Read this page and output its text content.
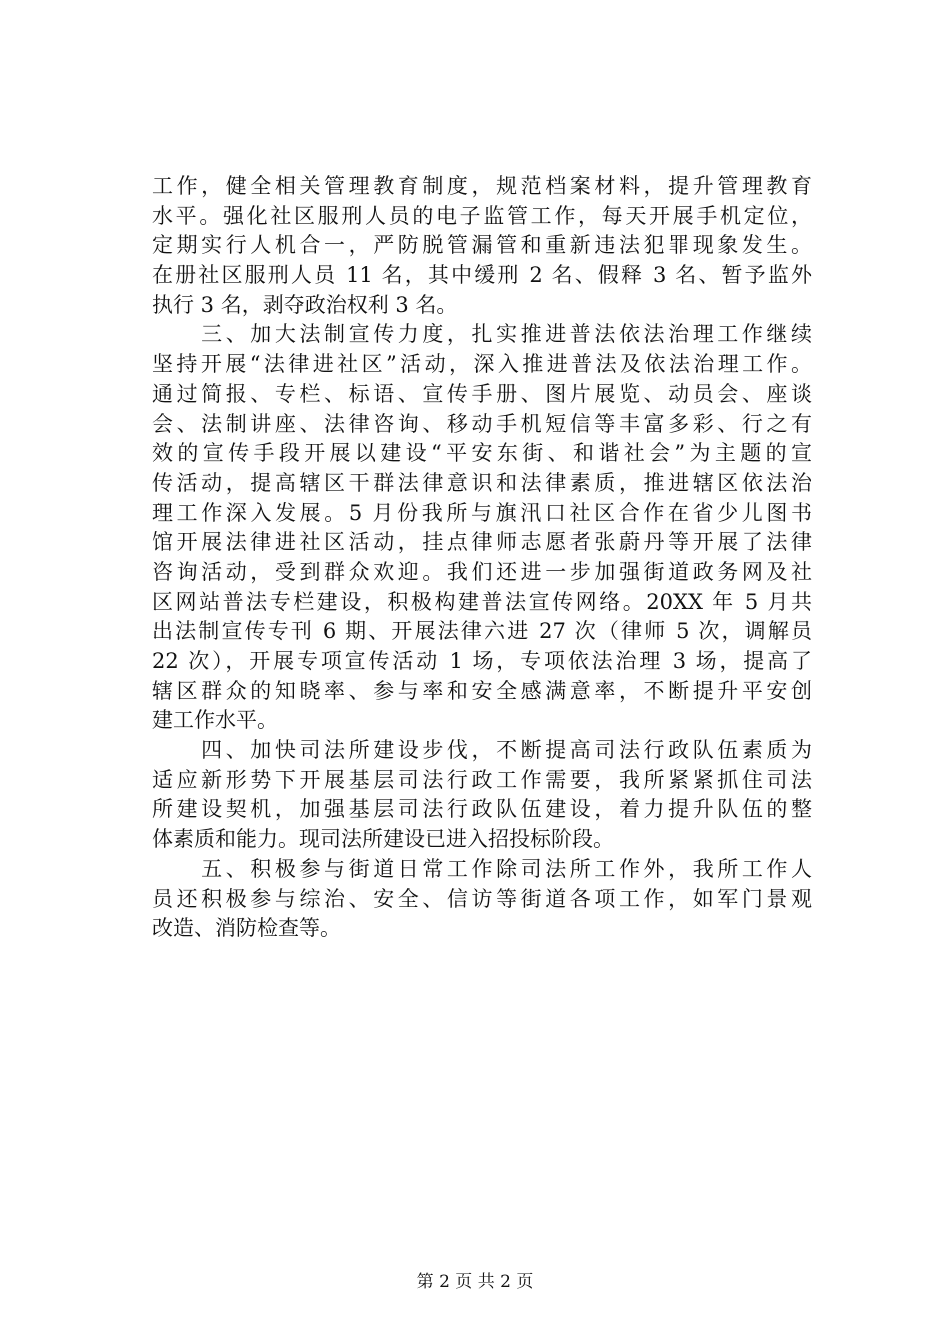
工作，健全相关管理教育制度，规范档案材料，提升管理教育
水平。强化社区服刑人员的电子监管工作，每天开展手机定位，
定期实行人机合一，严防脱管漏管和重新违法犯罪现象发生。
在册社区服刑人员 11 名，其中缓刑 2 名、假释 3 名、暂予监外
执行 3 名，剥夺政治权利 3 名。
　　三、加大法制宣传力度，扎实推进普法依法治理工作继续
坚持开展“法律进社区”活动，深入推进普法及依法治理工作。
通过简报、专栏、标语、宣传手册、图片展览、动员会、座谈
会、法制讲座、法律咨询、移动手机短信等丰富多彩、行之有
效的宣传手段开展以建设“平安东街、和谐社会”为主题的宣
传活动，提高辖区干群法律意识和法律素质，推进辖区依法治
理工作深入发展。5 月份我所与旗汛口社区合作在省少儿图书
馆开展法律进社区活动，挂点律师志愿者张蔚丹等开展了法律
咨询活动，受到群众欢迎。我们还进一步加强街道政务网及社
区网站普法专栏建设，积极构建普法宣传网络。20XX 年 5 月共
出法制宣传专刊 6 期、开展法律六进 27 次（律师 5 次，调解员
22 次），开展专项宣传活动 1 场，专项依法治理 3 场，提高了
辖区群众的知晓率、参与率和安全感满意率，不断提升平安创
建工作水平。
　　四、加快司法所建设步伐，不断提高司法行政队伍素质为
适应新形势下开展基层司法行政工作需要，我所紧紧抓住司法
所建设契机，加强基层司法行政队伍建设，着力提升队伍的整
体素质和能力。现司法所建设已进入招投标阶段。
　　五、积极参与街道日常工作除司法所工作外，我所工作人
员还积极参与综治、安全、信访等街道各项工作，如军门景观
改造、消防检查等。
第 2 页 共 2 页
